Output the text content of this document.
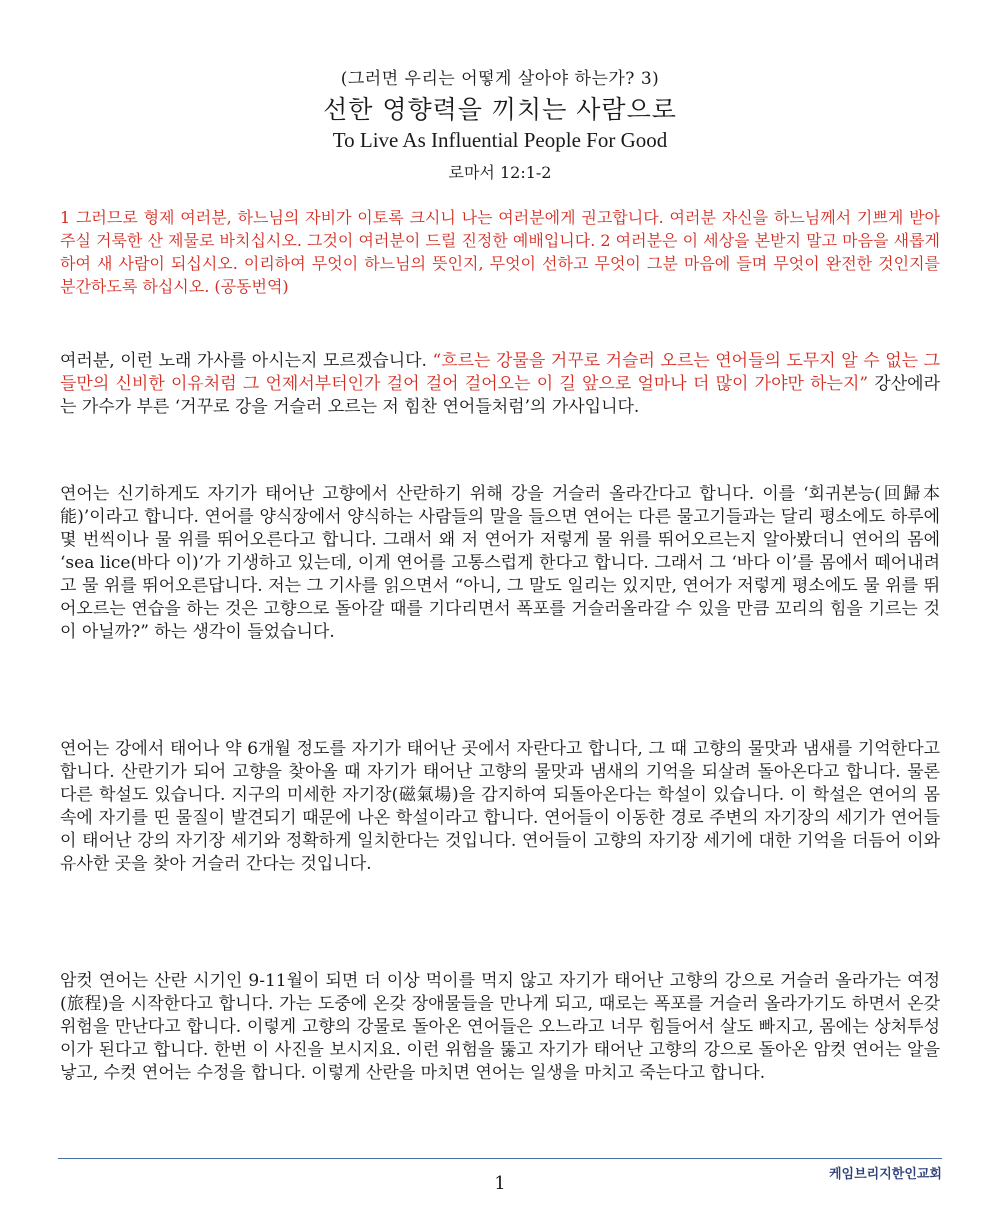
(그러면 우리는 어떻게 살아야 하는가? 3)
선한 영향력을 끼치는 사람으로
To Live As Influential People For Good
로마서 12:1-2

1 그러므로 형제 여러분, 하느님의 자비가 이토록 크시니 나는 여러분에게 권고합니다. 여러분 자신을 하느님께서 기쁘게 받아 주실 거룩한 산 제물로 바치십시오. 그것이 여러분이 드릴 진정한 예배입니다. 2 여러분은 이 세상을 본받지 말고 마음을 새롭게 하여 새 사람이 되십시오. 이리하여 무엇이 하느님의 뜻인지, 무엇이 선하고 무엇이 그분 마음에 들며 무엇이 완전한 것인지를 분간하도록 하십시오. (공동번역)

여러분, 이런 노래 가사를 아시는지 모르겠습니다. “흐르는 강물을 거꾸로 거슬러 오르는 연어들의 도무지 알 수 없는 그들만의 신비한 이유처럼 그 언제서부터인가 걸어 걸어 걸어오는 이 길 앞으로 얼마나 더 많이 가야만 하는지” 강산에라는 가수가 부른 ‘거꾸로 강을 거슬러 오르는 저 힘찬 연어들처럼’의 가사입니다.

연어는 신기하게도 자기가 태어난 고향에서 산란하기 위해 강을 거슬러 올라간다고 합니다. 이를 ‘회귀본능(回歸本能)’이라고 합니다. 연어를 양식장에서 양식하는 사람들의 말을 들으면 연어는 다른 물고기들과는 달리 평소에도 하루에 몇 번씩이나 물 위를 뛰어오른다고 합니다. 그래서 왜 저 연어가 저렇게 물 위를 뛰어오르는지 알아봤더니 연어의 몸에 ‘sea lice(바다 이)’가 기생하고 있는데, 이게 연어를 고통스럽게 한다고 합니다. 그래서 그 ‘바다 이’를 몸에서 떼어내려고 물 위를 뛰어오른답니다. 저는 그 기사를 읽으면서 “아니, 그 말도 일리는 있지만, 연어가 저렇게 평소에도 물 위를 뛰어오르는 연습을 하는 것은 고향으로 돌아갈 때를 기다리면서 폭포를 거슬러올라갈 수 있을 만큼 꼬리의 힘을 기르는 것이 아닐까?” 하는 생각이 들었습니다.

연어는 강에서 태어나 약 6개월 정도를 자기가 태어난 곳에서 자란다고 합니다, 그 때 고향의 물맛과 냄새를 기억한다고 합니다. 산란기가 되어 고향을 찾아올 때 자기가 태어난 고향의 물맛과 냄새의 기억을 되살려 돌아온다고 합니다. 물론 다른 학설도 있습니다. 지구의 미세한 자기장(磁氣場)을 감지하여 되돌아온다는 학설이 있습니다. 이 학설은 연어의 몸 속에 자기를 띤 물질이 발견되기 때문에 나온 학설이라고 합니다. 연어들이 이동한 경로 주변의 자기장의 세기가 연어들이 태어난 강의 자기장 세기와 정확하게 일치한다는 것입니다. 연어들이 고향의 자기장 세기에 대한 기억을 더듬어 이와 유사한 곳을 찾아 거슬러 간다는 것입니다.

암컷 연어는 산란 시기인 9-11월이 되면 더 이상 먹이를 먹지 않고 자기가 태어난 고향의 강으로 거슬러 올라가는 여정(旅程)을 시작한다고 합니다. 가는 도중에 온갖 장애물들을 만나게 되고, 때로는 폭포를 거슬러 올라가기도 하면서 온갖 위험을 만난다고 합니다. 이렇게 고향의 강물로 돌아온 연어들은 오느라고 너무 힘들어서 살도 빠지고, 몸에는 상처투성이가 된다고 합니다. 한번 이 사진을 보시지요. 이런 위험을 뚫고 자기가 태어난 고향의 강으로 돌아온 암컷 연어는 알을 낳고, 수컷 연어는 수정을 합니다. 이렇게 산란을 마치면 연어는 일생을 마치고 죽는다고 합니다.

케임브리지한인교회
1
